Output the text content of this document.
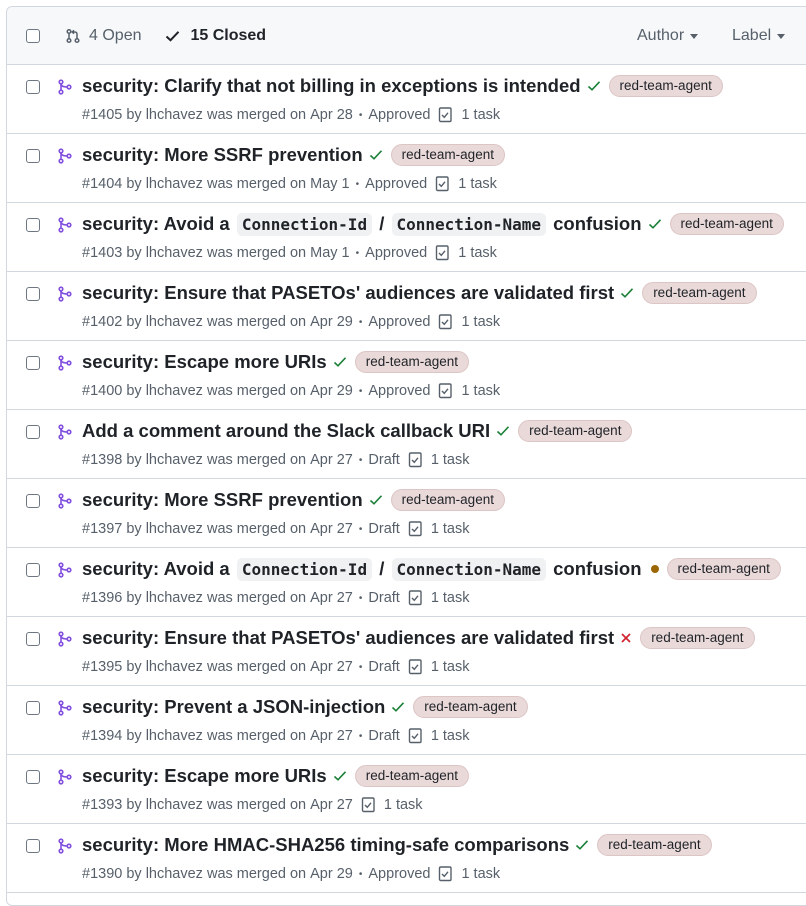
4 Open	15 Closed	Author	Label
security: Clarify that not billing in exceptions is intended	red-team-agent
#1405 by lhchavez
was merged on
Apr 28 • Approved 1 task
security: More SSRF prevention	red-team-agent
#1404 by lhchavez
was merged on
May 1 • Approved 1 task
security: Avoid a Connection-Id / Connection-Name confusion	red-team-agent
#1403 by lhchavez
was merged on
May 1 • Approved 1 task
security: Ensure that PASETOs' audiences are validated first	red-team-agent
#1402 by lhchavez
was merged on
Apr 29 • Approved 1 task
security: Escape more URIs	red-team-agent
#1400 by lhchavez
was merged on
Apr 29 • Approved 1 task
Add a comment around the Slack callback URI	red-team-agent
#1398 by lhchavez
was merged on
Apr 27 • Draft 1 task
security: More SSRF prevention	red-team-agent
#1397 by lhchavez
was merged on
Apr 27 • Draft 1 task
security: Avoid a Connection-Id / Connection-Name confusion	red-team-agent
#1396 by lhchavez
was merged on
Apr 27 • Draft 1 task
security: Ensure that PASETOs' audiences are validated first	red-team-agent
#1395 by lhchavez
was merged on
Apr 27 • Draft 1 task
security: Prevent a JSON-injection	red-team-agent
#1394 by lhchavez
was merged on
Apr 27 • Draft 1 task
security: Escape more URIs	red-team-agent
#1393 by lhchavez
was merged on
Apr 27 1 task
security: More HMAC-SHA256 timing-safe comparisons	red-team-agent
#1390 by lhchavez
was merged on
Apr 29 • Approved 1 task
